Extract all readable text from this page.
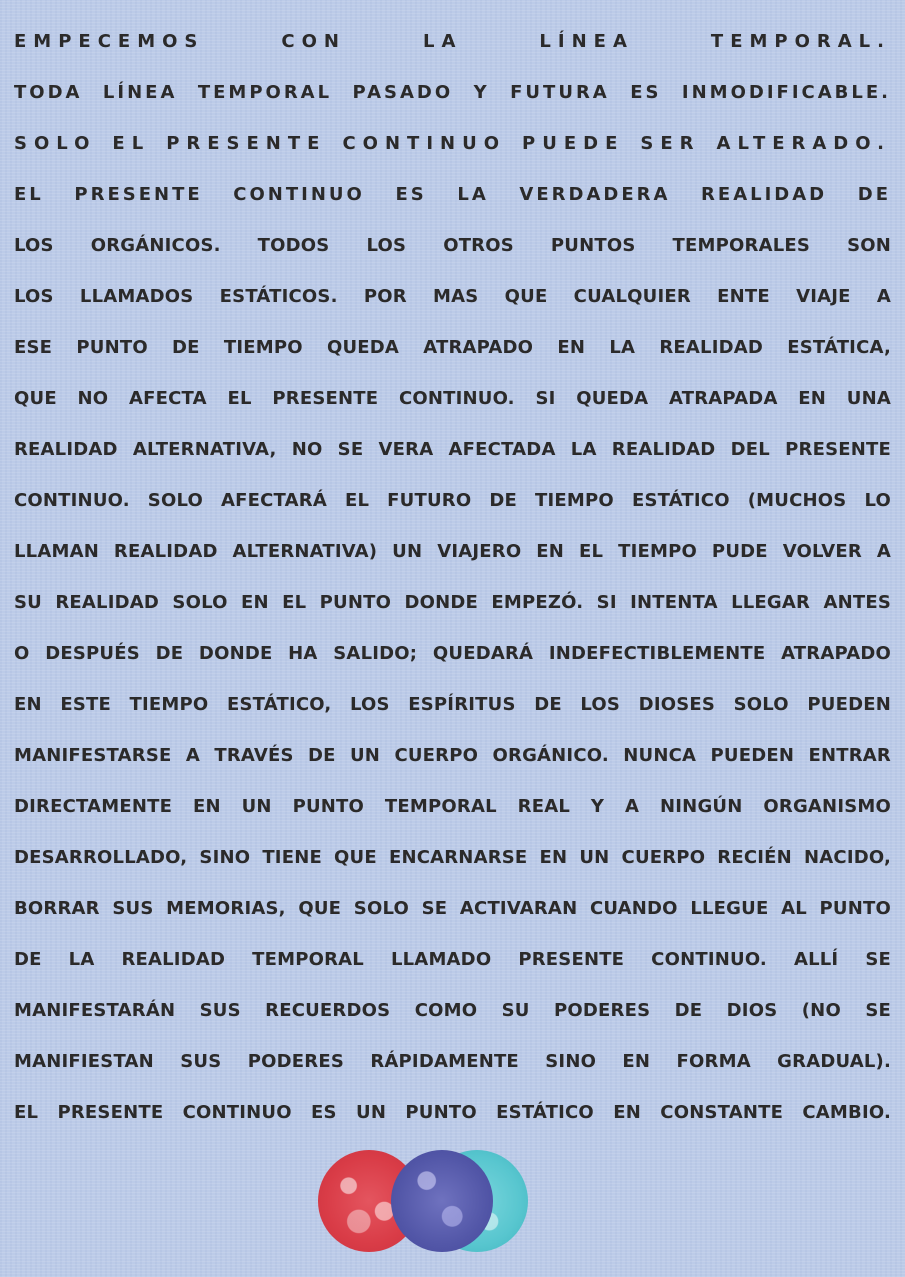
EMPECEMOS CON LA LÍNEA TEMPORAL.
TODA LÍNEA TEMPORAL PASADO Y FUTURA ES INMODIFICABLE.
SOLO EL PRESENTE CONTINUO PUEDE SER ALTERADO.
EL PRESENTE CONTINUO ES LA VERDADERA REALIDAD DE
LOS ORGÁNICOS. TODOS LOS OTROS PUNTOS TEMPORALES SON
LOS LLAMADOS ESTÁTICOS. POR MAS QUE CUALQUIER ENTE VIAJE A
ESE PUNTO DE TIEMPO QUEDA ATRAPADO EN LA REALIDAD ESTÁTICA,
QUE NO AFECTA EL PRESENTE CONTINUO. SI QUEDA ATRAPADA EN UNA
REALIDAD ALTERNATIVA, NO SE VERA AFECTADA LA REALIDAD DEL PRESENTE
CONTINUO. SOLO AFECTARÁ EL FUTURO DE TIEMPO ESTÁTICO (MUCHOS LO
LLAMAN REALIDAD ALTERNATIVA) UN VIAJERO EN EL TIEMPO PUDE VOLVER A
SU REALIDAD SOLO EN EL PUNTO DONDE EMPEZÓ. SI INTENTA LLEGAR ANTES
O DESPUÉS DE DONDE HA SALIDO; QUEDARÁ INDEFECTIBLEMENTE ATRAPADO
EN ESTE TIEMPO ESTÁTICO, LOS ESPÍRITUS DE LOS DIOSES SOLO PUEDEN
MANIFESTARSE A TRAVÉS DE UN CUERPO ORGÁNICO. NUNCA PUEDEN ENTRAR
DIRECTAMENTE EN UN PUNTO TEMPORAL REAL Y A NINGÚN ORGANISMO
DESARROLLADO, SINO TIENE QUE ENCARNARSE EN UN CUERPO RECIÉN NACIDO,
BORRAR SUS MEMORIAS, QUE SOLO SE ACTIVARAN CUANDO LLEGUE AL PUNTO
DE LA REALIDAD TEMPORAL LLAMADO PRESENTE CONTINUO. ALLÍ SE
MANIFESTARÁN SUS RECUERDOS COMO SU PODERES DE DIOS (NO SE
MANIFIESTAN SUS PODERES RÁPIDAMENTE SINO EN FORMA GRADUAL).
EL PRESENTE CONTINUO ES UN PUNTO ESTÁTICO EN CONSTANTE CAMBIO.
